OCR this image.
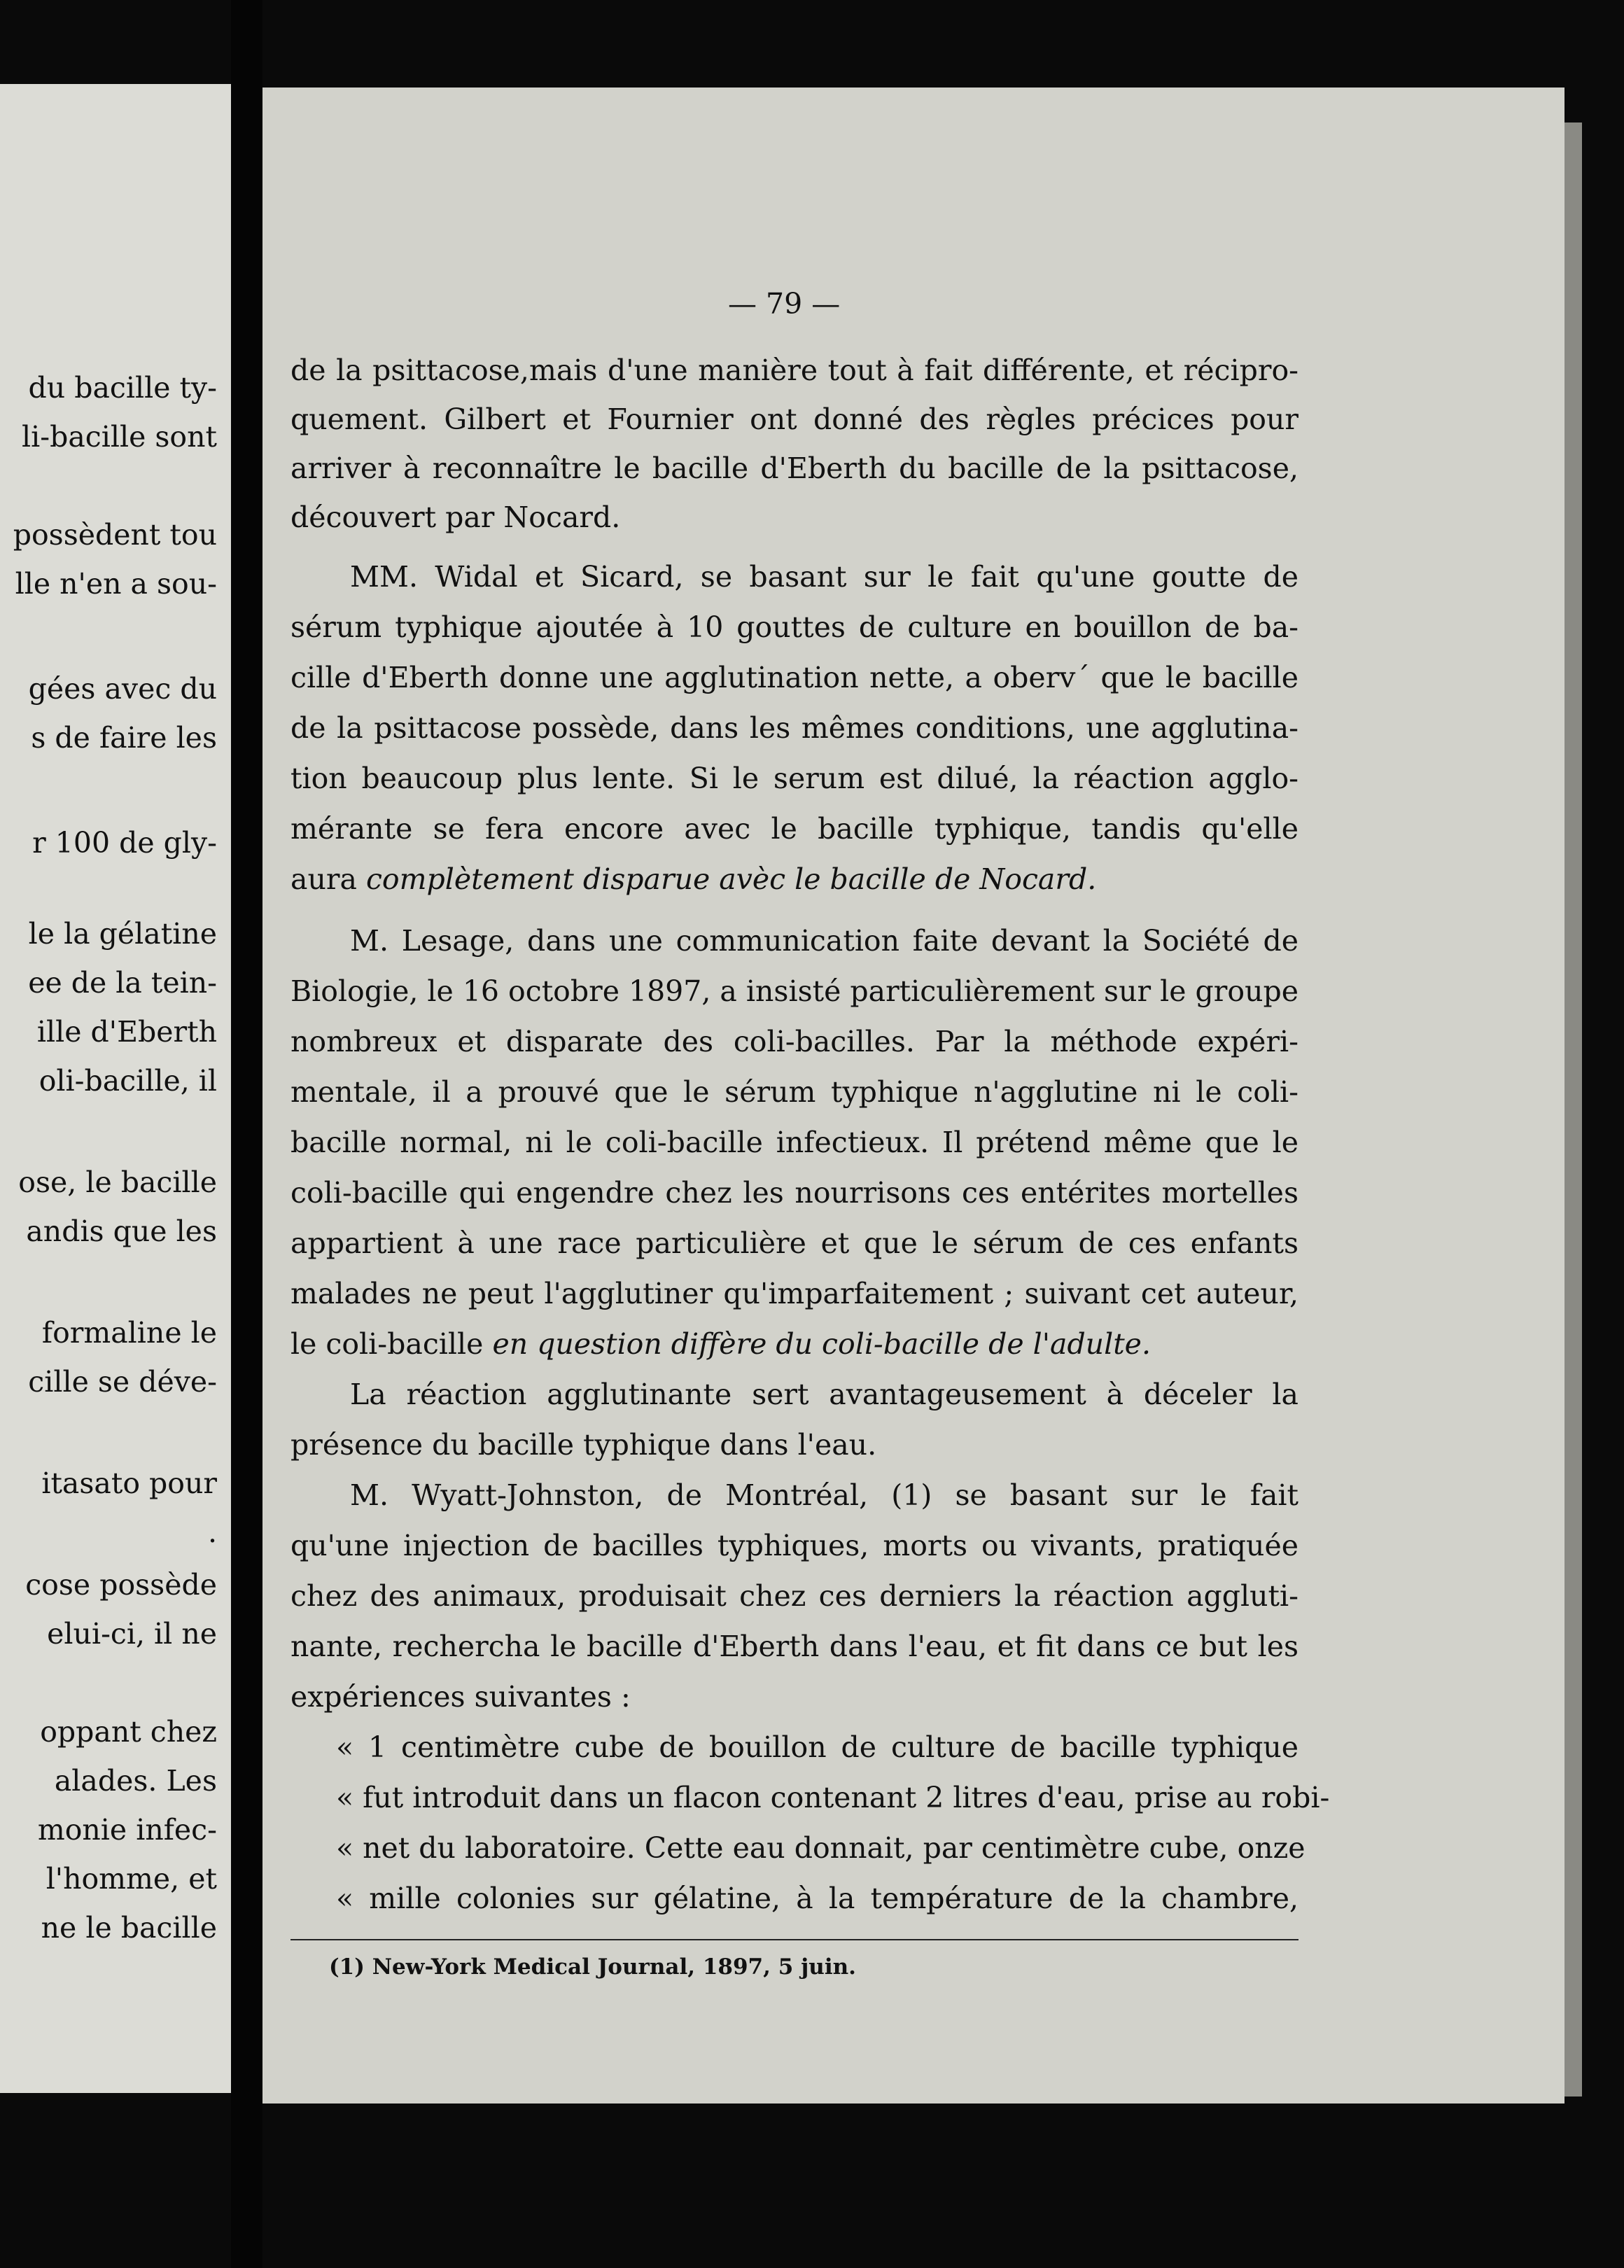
du bacille ty-
li-bacille sont
possèdent tou
lle n'en a sou-
gées avec du
s de faire les
r 100 de gly-
le la gélatine
ee de la tein-
ille d'Eberth
oli-bacille, il
ose, le bacille
andis que les
formaline le
cille se déve-
itasato pour
.
cose possède
elui-ci, il ne
oppant chez
alades. Les
monie infec-
l'homme, et
ne le bacille
— 79 —
de la psittacose,mais d'une manière tout à fait différente, et récipro-
quement. Gilbert et Fournier ont donné des règles précices pour
arriver à reconnaître le bacille d'Eberth du bacille de la psittacose,
découvert par Nocard.
MM. Widal et Sicard, se basant sur le fait qu'une goutte de
sérum typhique ajoutée à 10 gouttes de culture en bouillon de ba-
cille d'Eberth donne une agglutination nette, a oberv´ que le bacille
de la psittacose possède, dans les mêmes conditions, une agglutina-
tion beaucoup plus lente. Si le serum est dilué, la réaction agglo-
mérante se fera encore avec le bacille typhique, tandis qu'elle
aura complètement disparue avèc le bacille de Nocard.
M. Lesage, dans une communication faite devant la Société de
Biologie, le 16 octobre 1897, a insisté particulièrement sur le groupe
nombreux et disparate des coli-bacilles. Par la méthode expéri-
mentale, il a prouvé que le sérum typhique n'agglutine ni le coli-
bacille normal, ni le coli-bacille infectieux. Il prétend même que le
coli-bacille qui engendre chez les nourrisons ces entérites mortelles
appartient à une race particulière et que le sérum de ces enfants
malades ne peut l'agglutiner qu'imparfaitement ; suivant cet auteur,
le coli-bacille en question diffère du coli-bacille de l'adulte.
La réaction agglutinante sert avantageusement à déceler la
présence du bacille typhique dans l'eau.
M. Wyatt-Johnston, de Montréal, (1) se basant sur le fait
qu'une injection de bacilles typhiques, morts ou vivants, pratiquée
chez des animaux, produisait chez ces derniers la réaction aggluti-
nante, rechercha le bacille d'Eberth dans l'eau, et fit dans ce but les
expériences suivantes :
« 1 centimètre cube de bouillon de culture de bacille typhique
« fut introduit dans un flacon contenant 2 litres d'eau, prise au robi-
« net du laboratoire. Cette eau donnait, par centimètre cube, onze
« mille colonies sur gélatine, à la température de la chambre,
(1) New-York Medical Journal, 1897, 5 juin.
